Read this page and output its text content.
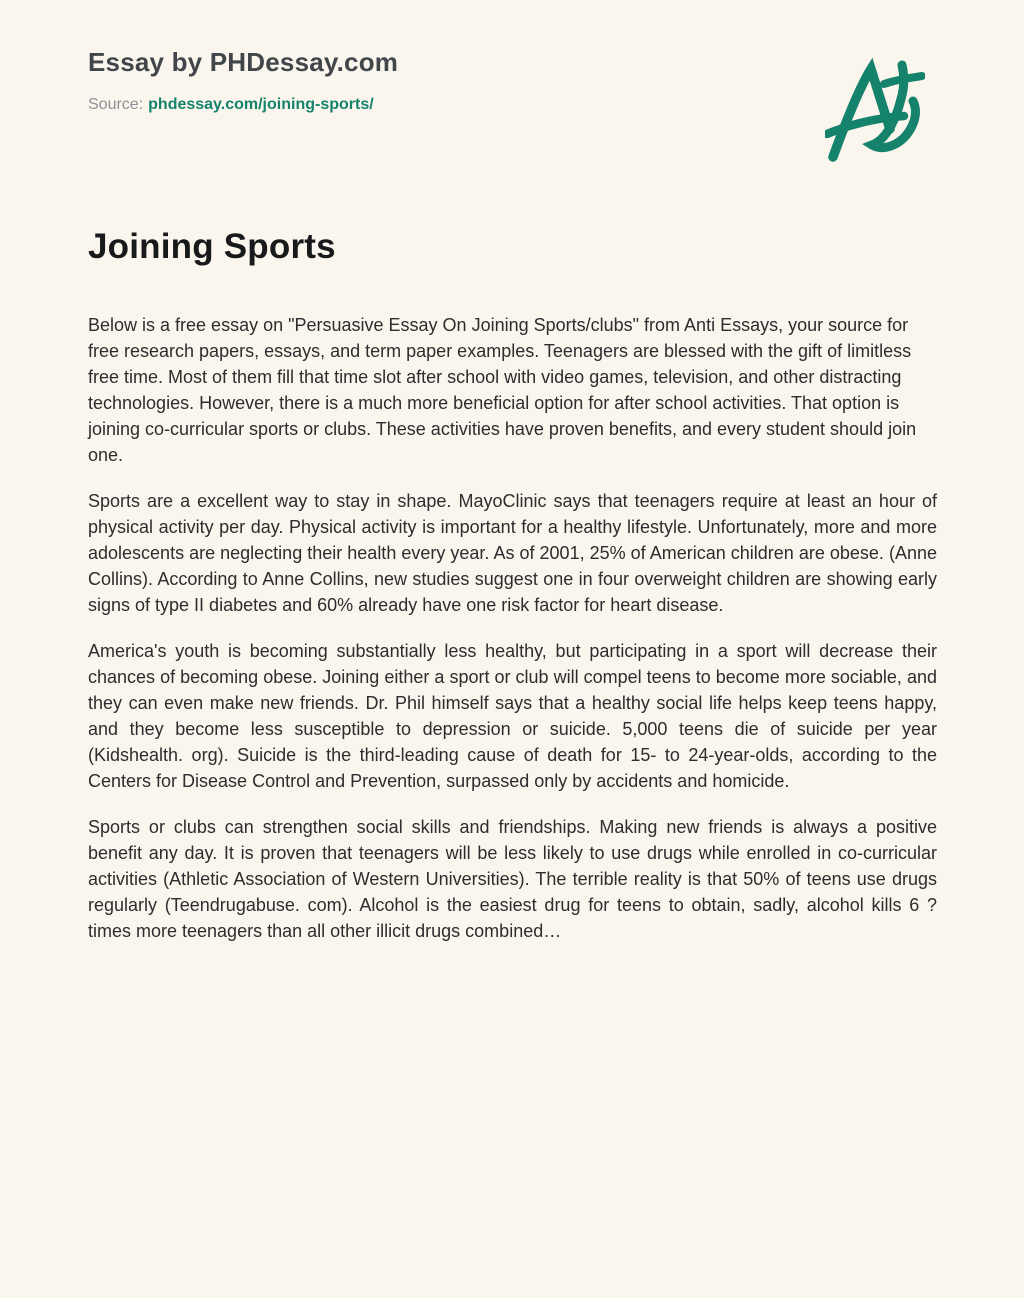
Essay by PHDessay.com
Source: phdessay.com/joining-sports/
Joining Sports

Below is a free essay on "Persuasive Essay On Joining Sports/clubs" from Anti Essays, your source for free research papers, essays, and term paper examples. Teenagers are blessed with the gift of limitless free time. Most of them fill that time slot after school with video games, television, and other distracting technologies. However, there is a much more beneficial option for after school activities. That option is joining co-curricular sports or clubs. These activities have proven benefits, and every student should join one.

Sports are a excellent way to stay in shape. MayoClinic says that teenagers require at least an hour of physical activity per day. Physical activity is important for a healthy lifestyle. Unfortunately, more and more adolescents are neglecting their health every year. As of 2001, 25% of American children are obese. (Anne Collins). According to Anne Collins, new studies suggest one in four overweight children are showing early signs of type II diabetes and 60% already have one risk factor for heart disease.

America's youth is becoming substantially less healthy, but participating in a sport will decrease their chances of becoming obese. Joining either a sport or club will compel teens to become more sociable, and they can even make new friends. Dr. Phil himself says that a healthy social life helps keep teens happy, and they become less susceptible to depression or suicide. 5,000 teens die of suicide per year (Kidshealth. org). Suicide is the third-leading cause of death for 15- to 24-year-olds, according to the Centers for Disease Control and Prevention, surpassed only by accidents and homicide.

Sports or clubs can strengthen social skills and friendships. Making new friends is always a positive benefit any day. It is proven that teenagers will be less likely to use drugs while enrolled in co-curricular activities (Athletic Association of Western Universities). The terrible reality is that 50% of teens use drugs regularly (Teendrugabuse. com). Alcohol is the easiest drug for teens to obtain, sadly, alcohol kills 6 ? times more teenagers than all other illicit drugs combined…
